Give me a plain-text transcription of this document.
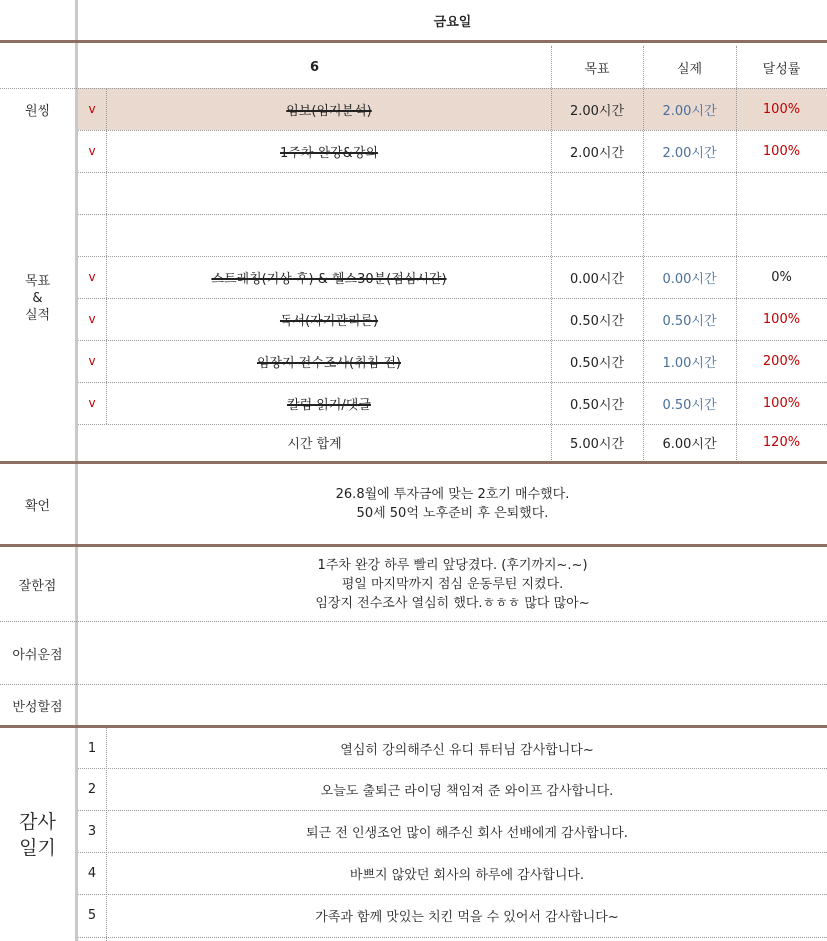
금요일
6	목표	실제	달성률
원씽
목표
&
실적
v	임보(임지분석)	2.00시간	2.00시간	100%
v	1주차 완강&강의	2.00시간	2.00시간	100%
v	스트레칭(기상 후) & 헬스30분(점심시간)	0.00시간	0.00시간	0%
v	독서(자기관리론)	0.50시간	0.50시간	100%
v	임장지 전수조사(취침 전)	0.50시간	1.00시간	200%
v	칼럼 읽기/댓글	0.50시간	0.50시간	100%
시간 합계	5.00시간	6.00시간	120%
확언
26.8월에 투자금에 맞는 2호기 매수했다.
50세 50억 노후준비 후 은퇴했다.
잘한점
1주차 완강 하루 빨리 앞당겼다. (후기까지~.~)
평일 마지막까지 점심 운동루틴 지켰다.
임장지 전수조사 열심히 했다.ㅎㅎㅎ 많다 많아~
아쉬운점
반성할점
감사
일기
1	열심히 강의해주신 유디 튜터님 감사합니다~
2	오늘도 출퇴근 라이딩 책임져 준 와이프 감사합니다.
3	퇴근 전 인생조언 많이 해주신 회사 선배에게 감사합니다.
4	바쁘지 않았던 회사의 하루에 감사합니다.
5	가족과 함께 맛있는 치킨 먹을 수 있어서 감사합니다~
